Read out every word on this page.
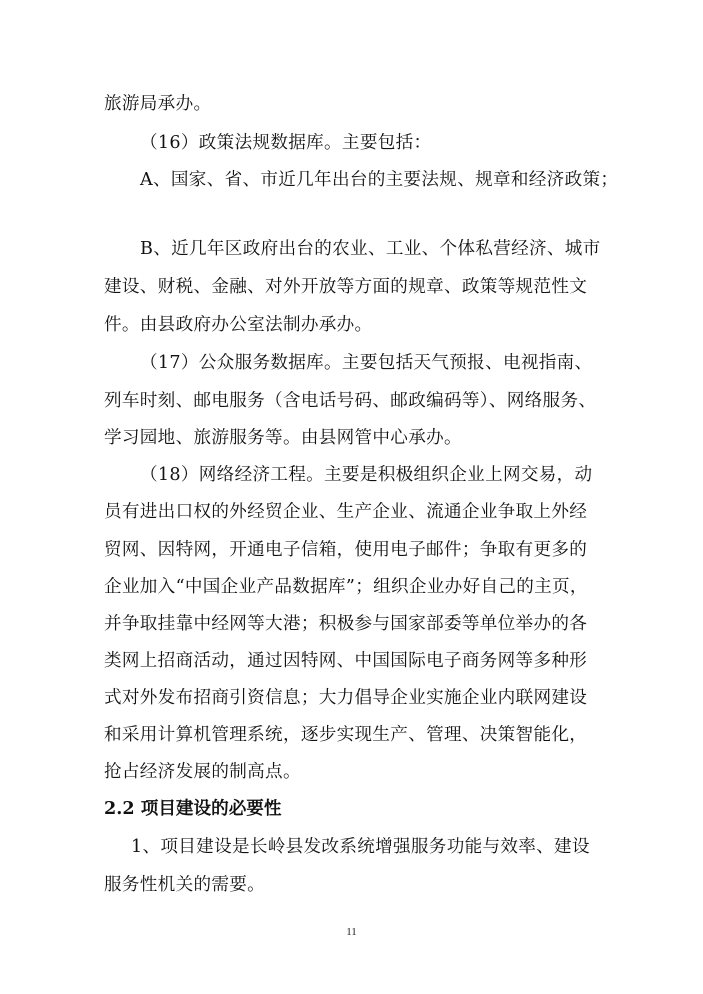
旅游局承办。
（16）政策法规数据库。主要包括：
A、国家、省、市近几年出台的主要法规、规章和经济政策；
B、近几年区政府出台的农业、工业、个体私营经济、城市
建设、财税、金融、对外开放等方面的规章、政策等规范性文
件。由县政府办公室法制办承办。
（17）公众服务数据库。主要包括天气预报、电视指南、
列车时刻、邮电服务（含电话号码、邮政编码等）、网络服务、
学习园地、旅游服务等。由县网管中心承办。
（18）网络经济工程。主要是积极组织企业上网交易，动
员有进出口权的外经贸企业、生产企业、流通企业争取上外经
贸网、因特网，开通电子信箱，使用电子邮件；争取有更多的
企业加入“中国企业产品数据库”；组织企业办好自己的主页，
并争取挂靠中经网等大港；积极参与国家部委等单位举办的各
类网上招商活动，通过因特网、中国国际电子商务网等多种形
式对外发布招商引资信息；大力倡导企业实施企业内联网建设
和采用计算机管理系统，逐步实现生产、管理、决策智能化，
抢占经济发展的制高点。
2.2 项目建设的必要性
1、项目建设是长岭县发改系统增强服务功能与效率、建设
服务性机关的需要。
11
